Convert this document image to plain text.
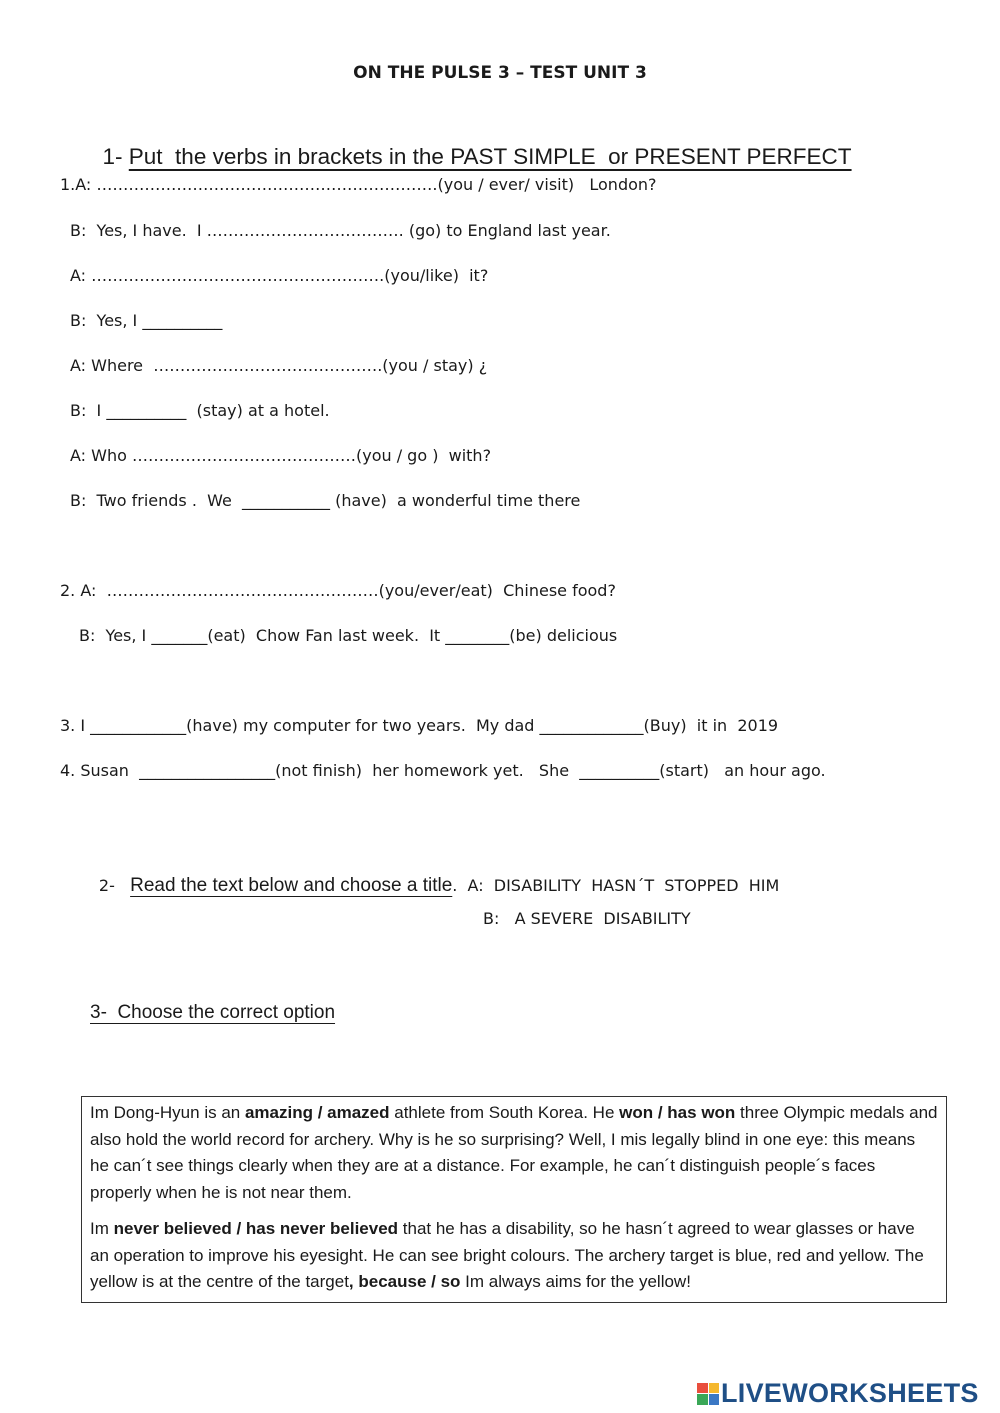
ON THE PULSE 3 – TEST UNIT 3

1- Put  the verbs in brackets in the PAST SIMPLE  or PRESENT PERFECT

1.A: ……………………………………………………….(you / ever/ visit)   London?
B:  Yes, I have.  I ………………………………. (go) to England last year.
A: ……………………………………………….(you/like)  it?
B:  Yes, I __________
A: Where  …………………………………….(you / stay) ¿
B:  I __________  (stay) at a hotel.
A: Who ……………………………………(you / go )  with?
B:  Two friends .  We  ___________ (have)  a wonderful time there
2. A:  ……………………………………………(you/ever/eat)  Chinese food?
B:  Yes, I _______(eat)  Chow Fan last week.  It ________(be) delicious
3. I ____________(have) my computer for two years.  My dad _____________(Buy)  it in  2019
4. Susan  _________________(not finish)  her homework yet.   She  __________(start)   an hour ago.

2-   Read the text below and choose a title.  A:  DISABILITY  HASN´T  STOPPED  HIM

B:   A SEVERE  DISABILITY
3-  Choose the correct option

Im Dong-Hyun is an amazing / amazed athlete from South Korea. He won / has won three Olympic medals and also hold the world record for archery. Why is he so surprising? Well, I mis legally blind in one eye: this means he can´t see things clearly when they are at a distance. For example, he can´t distinguish people´s faces properly when he is not near them.

Im never believed / has never believed that he has a disability, so he hasn´t agreed to wear glasses or have an operation to improve his eyesight. He can see bright colours. The archery target is blue, red and yellow. The yellow is at the centre of the target, because / so Im always aims for the yellow!

LIVEWORKSHEETS
